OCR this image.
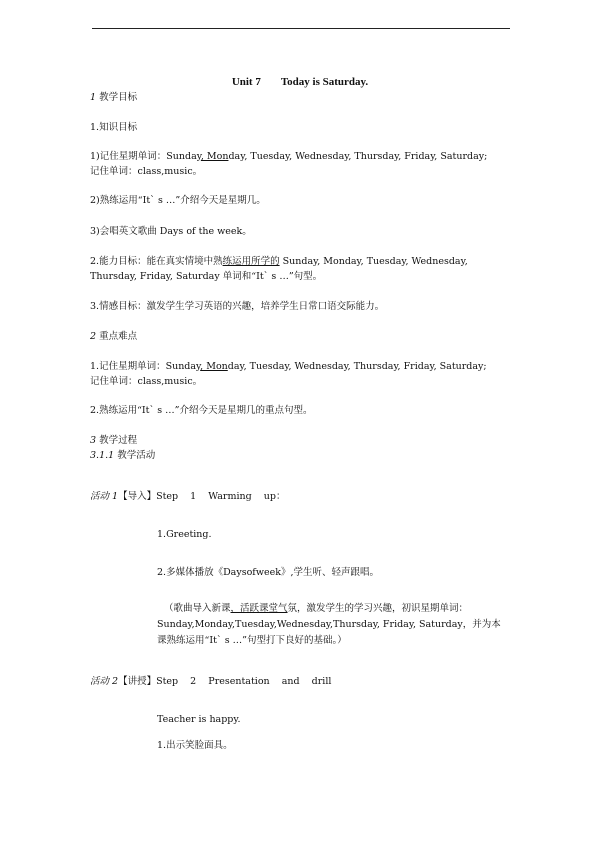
Unit 7 Today is Saturday.
1 教学目标
1.知识目标
1)记住星期单词：Sunday, Monday, Tuesday, Wednesday, Thursday, Friday, Saturday;
记住单词：class,music。
2)熟练运用“It` s …”介绍今天是星期几。
3)会唱英文歌曲 Days of the week。
2.能力目标：能在真实情境中熟练运用所学的 Sunday, Monday, Tuesday, Wednesday,
Thursday, Friday, Saturday 单词和“It` s …”句型。
3.情感目标：激发学生学习英语的兴趣，培养学生日常口语交际能力。
2 重点难点
1.记住星期单词：Sunday, Monday, Tuesday, Wednesday, Thursday, Friday, Saturday;
记住单词：class,music。
2.熟练运用“It` s …”介绍今天是星期几的重点句型。
3 教学过程
3.1.1 教学活动
活动 1【导入】Step    1    Warming    up：
1.Greeting.
2.多媒体播放《Daysofweek》,学生听、轻声跟唱。
（歌曲导入新课，活跃课堂气氛，激发学生的学习兴趣，初识星期单词：
Sunday,Monday,Tuesday,Wednesday,Thursday, Friday, Saturday，并为本
课熟练运用“It` s …”句型打下良好的基础。）
活动 2【讲授】Step    2    Presentation    and    drill
Teacher is happy.
1.出示笑脸面具。
